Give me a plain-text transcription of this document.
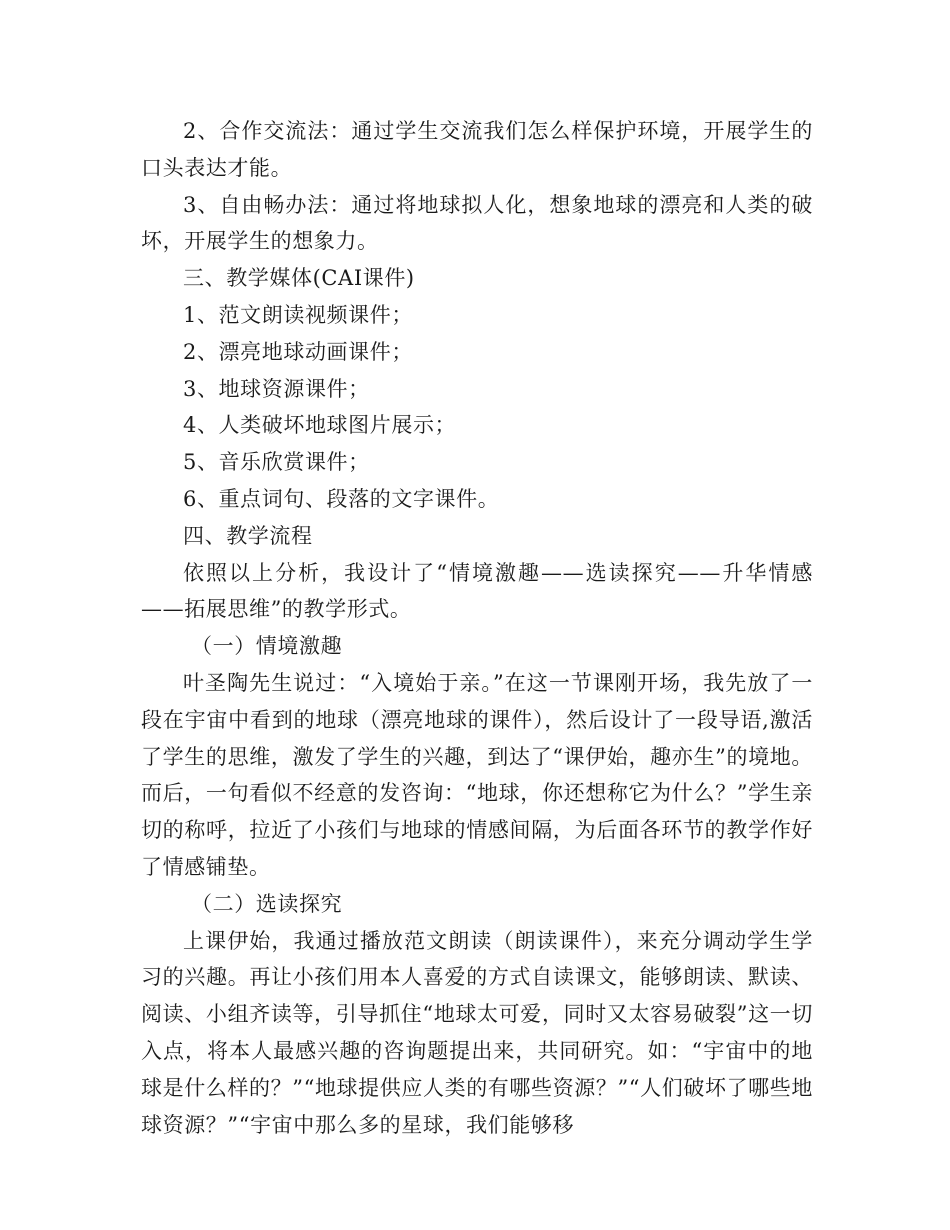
2、合作交流法：通过学生交流我们怎么样保护环境，开展学生的口头表达才能。

3、自由畅办法：通过将地球拟人化，想象地球的漂亮和人类的破坏，开展学生的想象力。

三、教学媒体(CAI课件)

1、范文朗读视频课件；

2、漂亮地球动画课件；

3、地球资源课件；

4、人类破坏地球图片展示；

5、音乐欣赏课件；

6、重点词句、段落的文字课件。

四、教学流程

依照以上分析，我设计了“情境激趣——选读探究——升华情感——拓展思维”的教学形式。

（一）情境激趣

叶圣陶先生说过：“入境始于亲。”在这一节课刚开场，我先放了一段在宇宙中看到的地球（漂亮地球的课件），然后设计了一段导语,激活了学生的思维，激发了学生的兴趣，到达了“课伊始，趣亦生”的境地。而后，一句看似不经意的发咨询：“地球，你还想称它为什么？”学生亲切的称呼，拉近了小孩们与地球的情感间隔，为后面各环节的教学作好了情感铺垫。

（二）选读探究

上课伊始，我通过播放范文朗读（朗读课件），来充分调动学生学习的兴趣。再让小孩们用本人喜爱的方式自读课文，能够朗读、默读、阅读、小组齐读等，引导抓住“地球太可爱，同时又太容易破裂”这一切入点，将本人最感兴趣的咨询题提出来，共同研究。如：“宇宙中的地球是什么样的？”“地球提供应人类的有哪些资源？”“人们破坏了哪些地球资源？”“宇宙中那么多的星球，我们能够移
